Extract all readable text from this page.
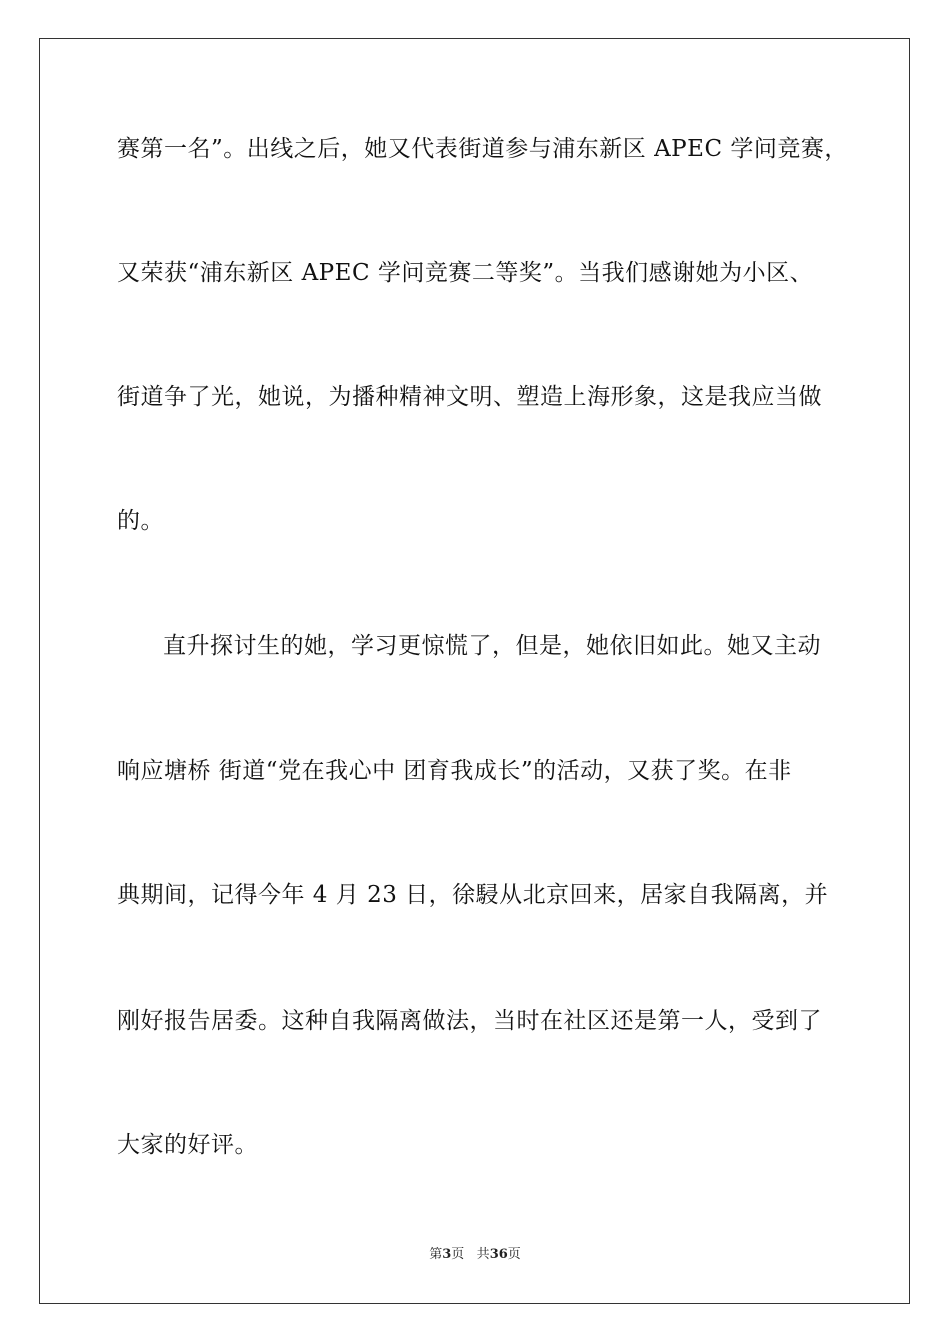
赛第一名”。出线之后，她又代表街道参与浦东新区 APEC 学问竞赛，
又荣获“浦东新区 APEC 学问竞赛二等奖”。当我们感谢她为小区、
街道争了光，她说，为播种精神文明、塑造上海形象，这是我应当做
的。
直升探讨生的她，学习更惊慌了，但是，她依旧如此。她又主动
响应塘桥 街道“党在我心中 团育我成长”的活动，又获了奖。在非
典期间，记得今年 4 月 23 日，徐駸从北京回来，居家自我隔离，并
刚好报告居委。这种自我隔离做法，当时在社区还是第一人，受到了
大家的好评。
第3页 共36页
